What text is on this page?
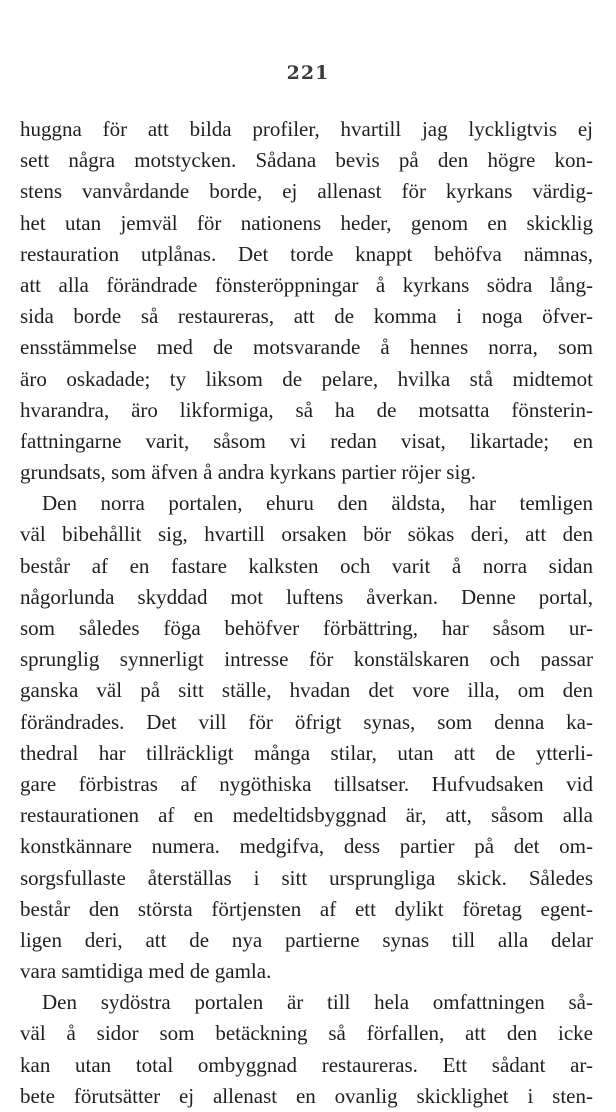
221
huggna för att bilda profiler, hvartill jag lyckligtvis ej
sett några motstycken. Sådana bevis på den högre kon-
stens vanvårdande borde, ej allenast för kyrkans värdig-
het utan jemväl för nationens heder, genom en skicklig
restauration utplånas. Det torde knappt behöfva nämnas,
att alla förändrade fönsteröppningar å kyrkans södra lång-
sida borde så restaureras, att de komma i noga öfver-
ensstämmelse med de motsvarande å hennes norra, som
äro oskadade; ty liksom de pelare, hvilka stå midtemot
hvarandra, äro likformiga, så ha de motsatta fönsterin-
fattningarne varit, såsom vi redan visat, likartade; en
grundsats, som äfven å andra kyrkans partier röjer sig.
Den norra portalen, ehuru den äldsta, har temligen
väl bibehållit sig, hvartill orsaken bör sökas deri, att den
består af en fastare kalksten och varit å norra sidan
någorlunda skyddad mot luftens åverkan. Denne portal,
som således föga behöfver förbättring, har såsom ur-
sprunglig synnerligt intresse för konstälskaren och passar
ganska väl på sitt ställe, hvadan det vore illa, om den
förändrades. Det vill för öfrigt synas, som denna ka-
thedral har tillräckligt många stilar, utan att de ytterli-
gare förbistras af nygöthiska tillsatser. Hufvudsaken vid
restaurationen af en medeltidsbyggnad är, att, såsom alla
konstkännare numera. medgifva, dess partier på det om-
sorgsfullaste återställas i sitt ursprungliga skick. Således
består den största förtjensten af ett dylikt företag egent-
ligen deri, att de nya partierne synas till alla delar
vara samtidiga med de gamla.
Den sydöstra portalen är till hela omfattningen så-
väl å sidor som betäckning så förfallen, att den icke
kan utan total ombyggnad restaureras. Ett sådant ar-
bete förutsätter ej allenast en ovanlig skicklighet i sten-
